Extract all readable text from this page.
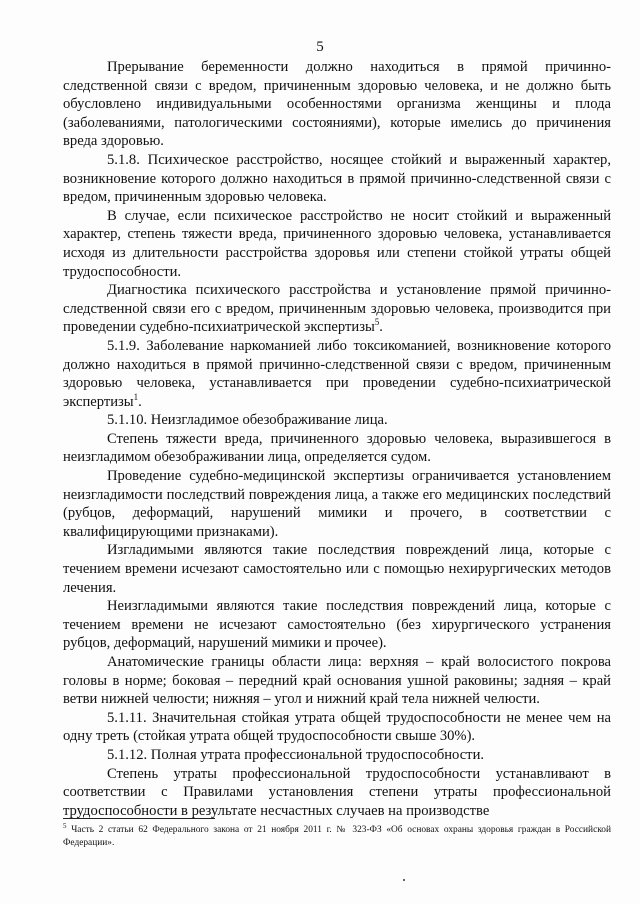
5

Прерывание беременности должно находиться в прямой причинно-следственной связи с вредом, причиненным здоровью человека, и не должно быть обусловлено индивидуальными особенностями организма женщины и плода (заболеваниями, патологическими состояниями), которые имелись до причинения вреда здоровью.

5.1.8. Психическое расстройство, носящее стойкий и выраженный характер, возникновение которого должно находиться в прямой причинно-следственной связи с вредом, причиненным здоровью человека.

В случае, если психическое расстройство не носит стойкий и выраженный характер, степень тяжести вреда, причиненного здоровью человека, устанавливается исходя из длительности расстройства здоровья или степени стойкой утраты общей трудоспособности.

Диагностика психического расстройства и установление прямой причинно-следственной связи его с вредом, причиненным здоровью человека, производится при проведении судебно-психиатрической экспертизы$^5$.

5.1.9. Заболевание наркоманией либо токсикоманией, возникновение которого должно находиться в прямой причинно-следственной связи с вредом, причиненным здоровью человека, устанавливается при проведении судебно-психиатрической экспертизы$^1$.

5.1.10. Неизгладимое обезображивание лица.

Степень тяжести вреда, причиненного здоровью человека, выразившегося в неизгладимом обезображивании лица, определяется судом.

Проведение судебно-медицинской экспертизы ограничивается установлением неизгладимости последствий повреждения лица, а также его медицинских последствий (рубцов, деформаций, нарушений мимики и прочего, в соответствии с квалифицирующими признаками).

Изгладимыми являются такие последствия повреждений лица, которые с течением времени исчезают самостоятельно или с помощью нехирургических методов лечения.

Неизгладимыми являются такие последствия повреждений лица, которые с течением времени не исчезают самостоятельно (без хирургического устранения рубцов, деформаций, нарушений мимики и прочее).

Анатомические границы области лица: верхняя – край волосистого покрова головы в норме; боковая – передний край основания ушной раковины; задняя – край ветви нижней челюсти; нижняя – угол и нижний край тела нижней челюсти.

5.1.11. Значительная стойкая утрата общей трудоспособности не менее чем на одну треть (стойкая утрата общей трудоспособности свыше 30%).

5.1.12. Полная утрата профессиональной трудоспособности.

Степень утраты профессиональной трудоспособности устанавливают в соответствии с Правилами установления степени утраты профессиональной трудоспособности в результате несчастных случаев на производстве

$^5$ Часть 2 статьи 62 Федерального закона от 21 ноября 2011 г. № 323-ФЗ «Об основах охраны здоровья граждан в Российской Федерации».
